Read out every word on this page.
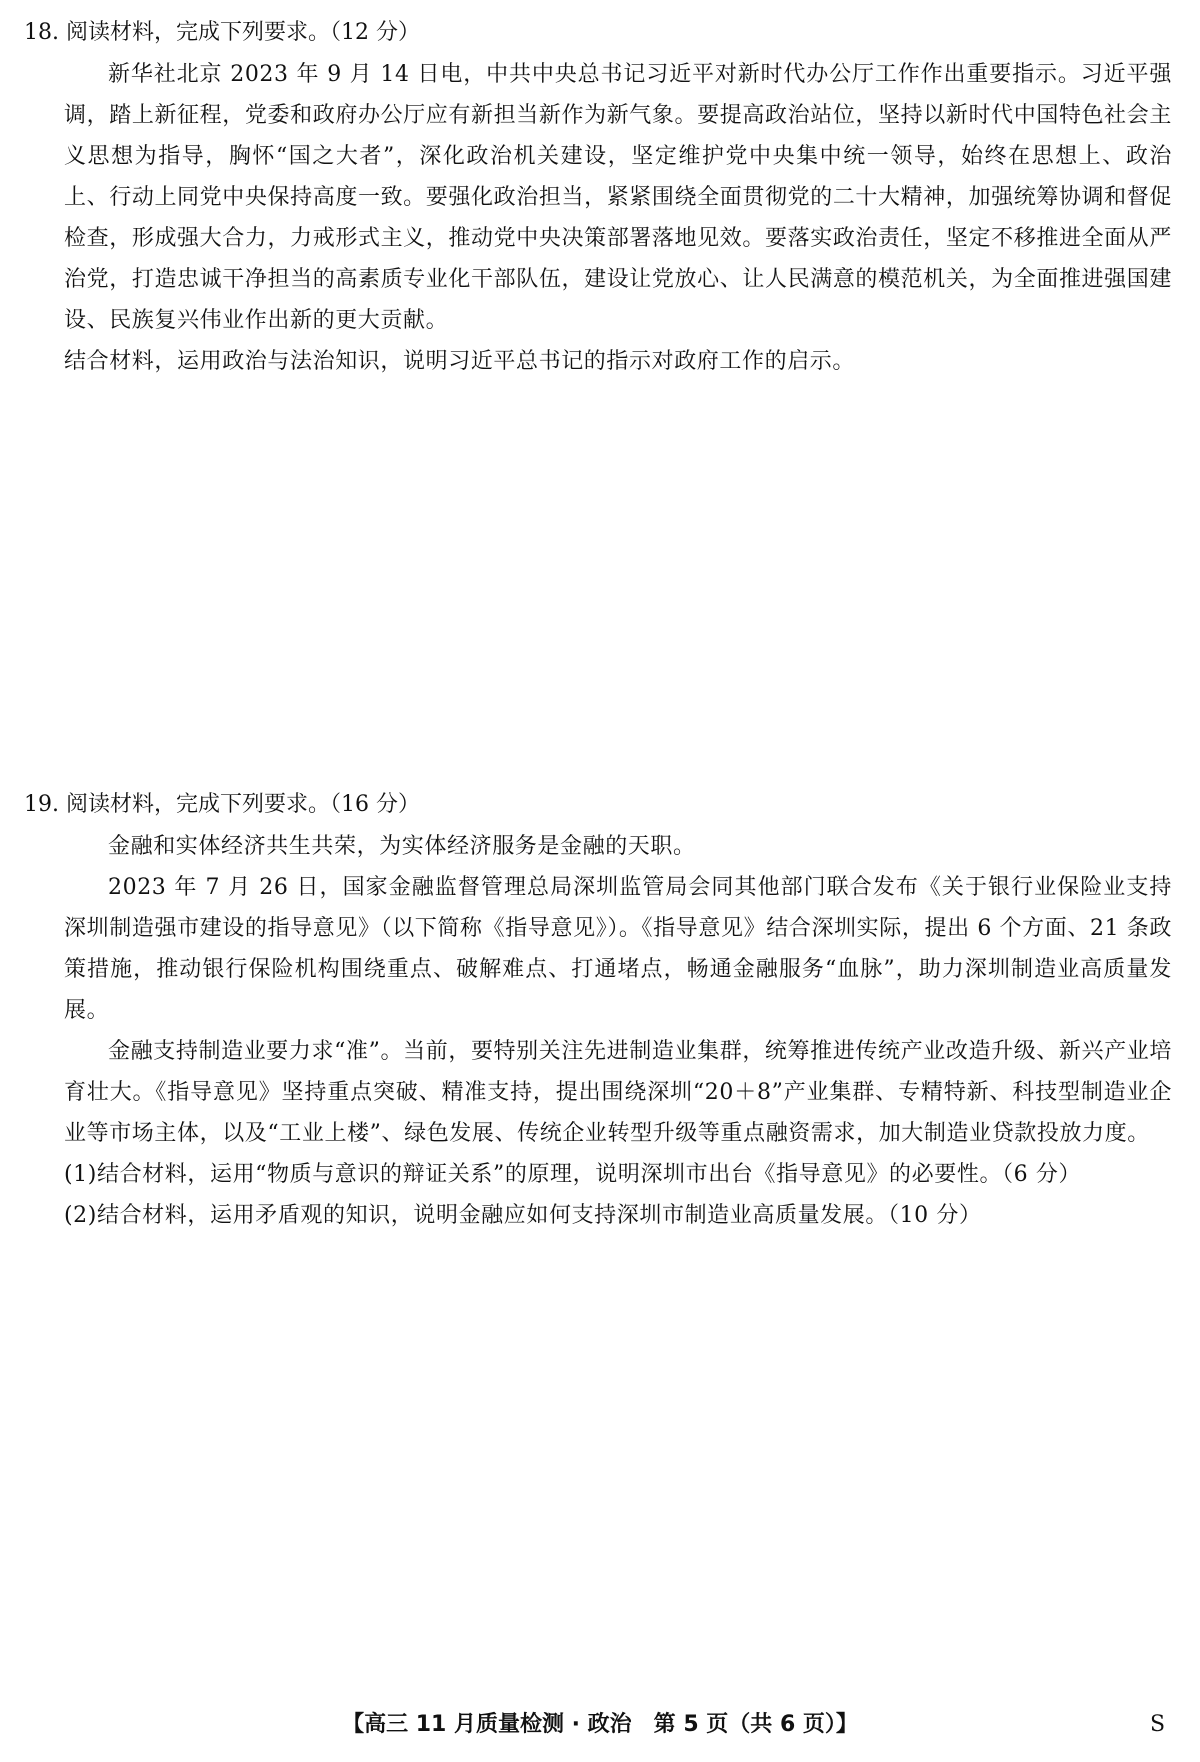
18. 阅读材料，完成下列要求。（12 分）

新华社北京 2023 年 9 月 14 日电，中共中央总书记习近平对新时代办公厅工作作出重要指示。习近平强调，踏上新征程，党委和政府办公厅应有新担当新作为新气象。要提高政治站位，坚持以新时代中国特色社会主义思想为指导，胸怀“国之大者”，深化政治机关建设，坚定维护党中央集中统一领导，始终在思想上、政治上、行动上同党中央保持高度一致。要强化政治担当，紧紧围绕全面贯彻党的二十大精神，加强统筹协调和督促检查，形成强大合力，力戒形式主义，推动党中央决策部署落地见效。要落实政治责任，坚定不移推进全面从严治党，打造忠诚干净担当的高素质专业化干部队伍，建设让党放心、让人民满意的模范机关，为全面推进强国建设、民族复兴伟业作出新的更大贡献。

结合材料，运用政治与法治知识，说明习近平总书记的指示对政府工作的启示。

19. 阅读材料，完成下列要求。（16 分）

金融和实体经济共生共荣，为实体经济服务是金融的天职。

2023 年 7 月 26 日，国家金融监督管理总局深圳监管局会同其他部门联合发布《关于银行业保险业支持深圳制造强市建设的指导意见》（以下简称《指导意见》）。《指导意见》结合深圳实际，提出 6 个方面、21 条政策措施，推动银行保险机构围绕重点、破解难点、打通堵点，畅通金融服务“血脉”，助力深圳制造业高质量发展。

金融支持制造业要力求“准”。当前，要特别关注先进制造业集群，统筹推进传统产业改造升级、新兴产业培育壮大。《指导意见》坚持重点突破、精准支持，提出围绕深圳“20＋8”产业集群、专精特新、科技型制造业企业等市场主体，以及“工业上楼”、绿色发展、传统企业转型升级等重点融资需求，加大制造业贷款投放力度。

(1)结合材料，运用“物质与意识的辩证关系”的原理，说明深圳市出台《指导意见》的必要性。（6 分）

(2)结合材料，运用矛盾观的知识，说明金融应如何支持深圳市制造业高质量发展。（10 分）

【高三 11 月质量检测 · 政治　第 5 页（共 6 页）】	S
